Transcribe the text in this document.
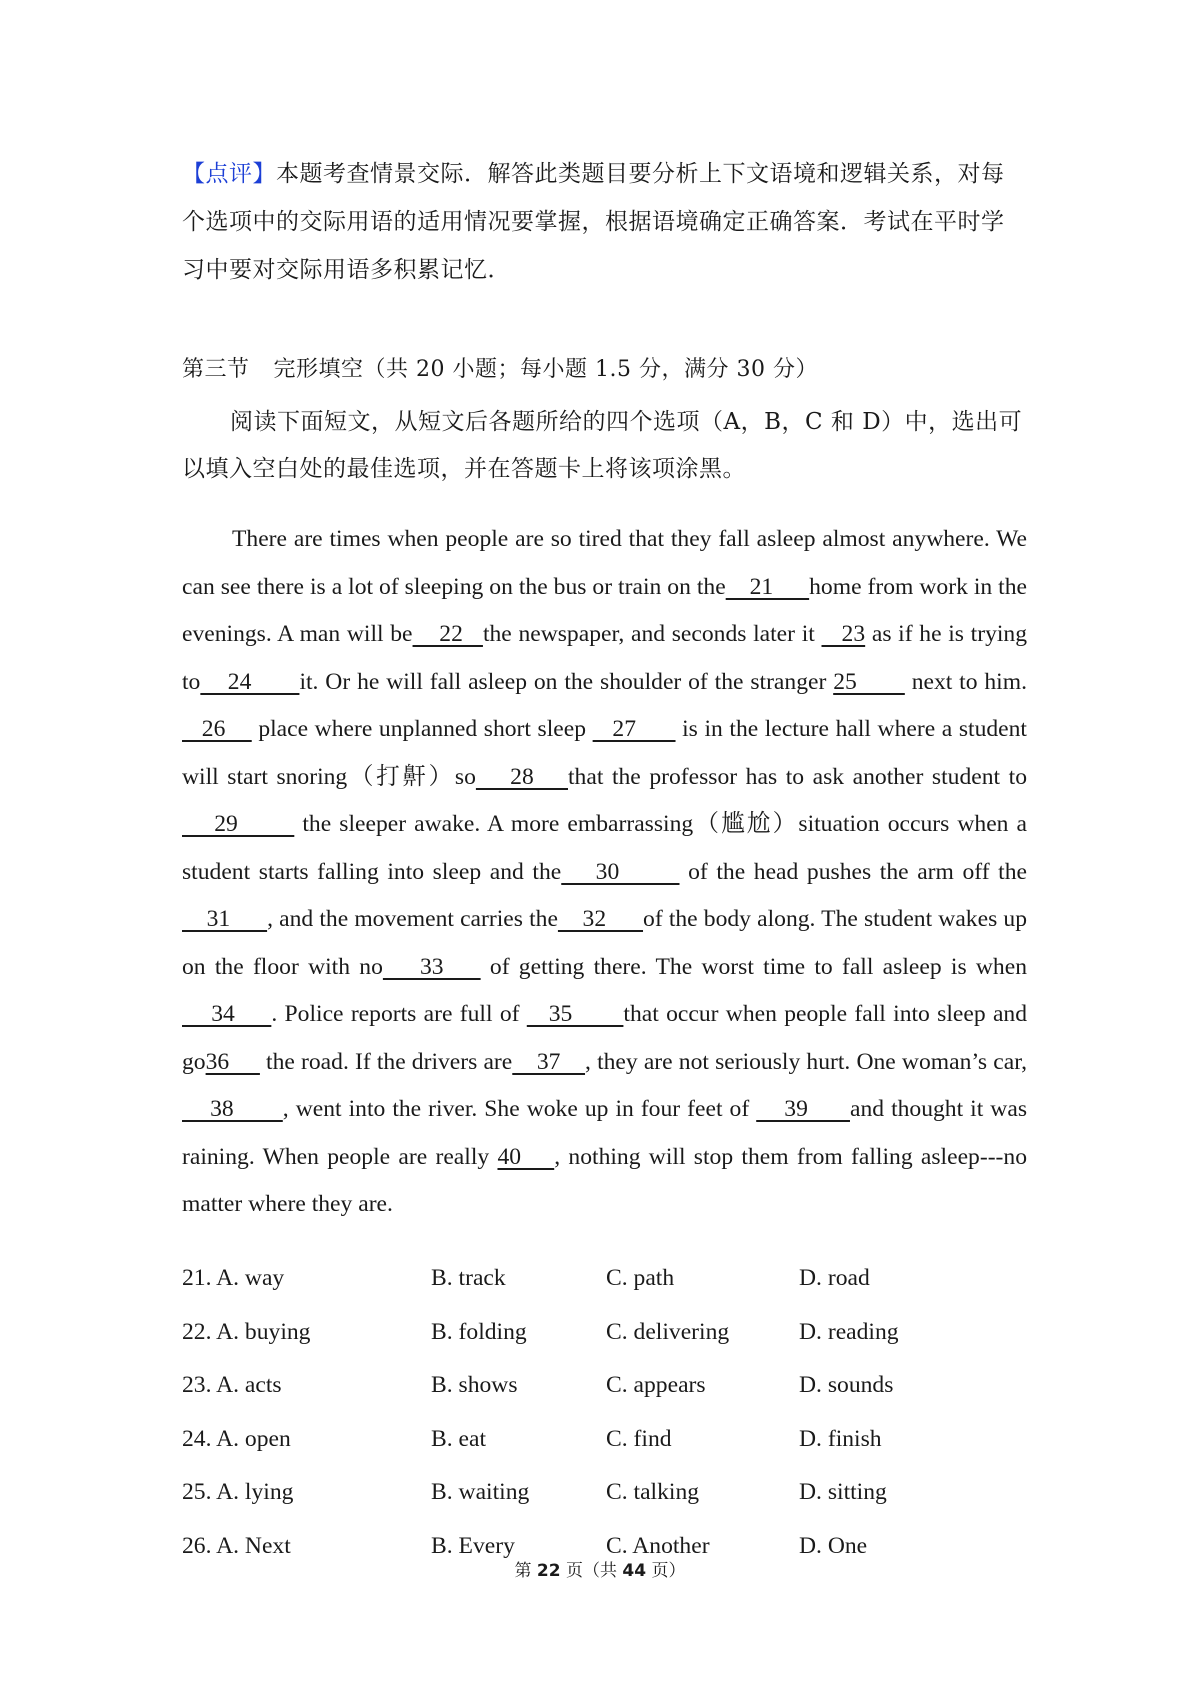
【点评】本题考查情景交际．解答此类题目要分析上下文语境和逻辑关系，对每个选项中的交际用语的适用情况要掌握，根据语境确定正确答案．考试在平时学习中要对交际用语多积累记忆．

第三节 完形填空（共 20 小题；每小题 1.5 分，满分 30 分）

阅读下面短文，从短文后各题所给的四个选项（A，B，C 和 D）中，选出可以填入空白处的最佳选项，并在答题卡上将该项涂黑。

There are times when people are so tired that they fall asleep almost anywhere. We can see there is a lot of sleeping on the bus or train on the    21      home from work in the evenings. A man will be    22   the newspaper, and seconds later it    23 as if he is trying to    24       it. Or he will fall asleep on the shoulder of the stranger 25        next to him.    26     place where unplanned short sleep    27       is in the lecture hall where a student will start snoring（打鼾）so    28    that the professor has to ask another student to    29        the sleeper awake. A more embarrassing（尴尬）situation occurs when a student starts falling into sleep and the    30        of the head pushes the arm off the    31      , and the movement carries the    32      of the body along. The student wakes up on the floor with no    33     of getting there. The worst time to fall asleep is when    34     . Police reports are full of    35       that occur when people fall into sleep and go36      the road. If the drivers are    37    , they are not seriously hurt. One woman’s car,     38       , went into the river. She woke up in four feet of     39      and thought it was raining. When people are really 40    , nothing will stop them from falling asleep---no matter where they are.

21. A. way	B. track	C. path	D. road
22. A. buying	B. folding	C. delivering	D. reading
23. A. acts	B. shows	C. appears	D. sounds
24. A. open	B. eat	C. find	D. finish
25. A. lying	B. waiting	C. talking	D. sitting
26. A. Next	B. Every	C. Another	D. One
第 22 页（共 44 页）
